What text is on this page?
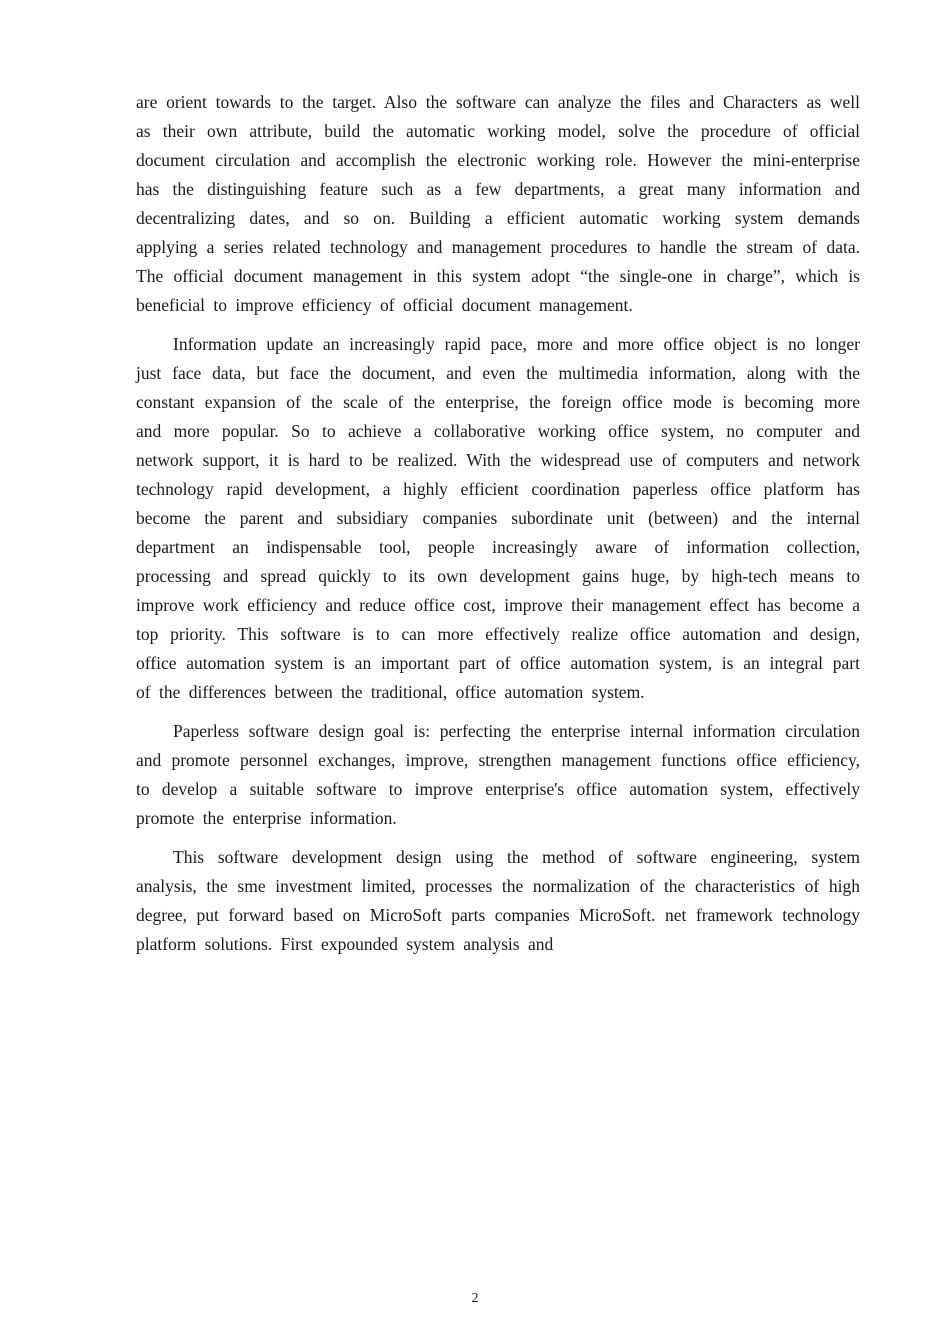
are orient towards to the target. Also the software can analyze the files and Characters as well as their own attribute, build the automatic working model, solve the procedure of official document circulation and accomplish the electronic working role. However the mini-enterprise has the distinguishing feature such as a few departments, a great many information and decentralizing dates, and so on. Building a efficient automatic working system demands applying a series related technology and management procedures to handle the stream of data. The official document management in this system adopt “the single-one in charge”, which is beneficial to improve efficiency of official document management.

Information update an increasingly rapid pace, more and more office object is no longer just face data, but face the document, and even the multimedia information, along with the constant expansion of the scale of the enterprise, the foreign office mode is becoming more and more popular. So to achieve a collaborative working office system, no computer and network support, it is hard to be realized. With the widespread use of computers and network technology rapid development, a highly efficient coordination paperless office platform has become the parent and subsidiary companies subordinate unit (between) and the internal department an indispensable tool, people increasingly aware of information collection, processing and spread quickly to its own development gains huge, by high-tech means to improve work efficiency and reduce office cost, improve their management effect has become a top priority. This software is to can more effectively realize office automation and design, office automation system is an important part of office automation system, is an integral part of the differences between the traditional, office automation system.

Paperless software design goal is: perfecting the enterprise internal information circulation and promote personnel exchanges, improve, strengthen management functions office efficiency, to develop a suitable software to improve enterprise's office automation system, effectively promote the enterprise information.

This software development design using the method of software engineering, system analysis, the sme investment limited, processes the normalization of the characteristics of high degree, put forward based on MicroSoft parts companies MicroSoft. net framework technology platform solutions. First expounded system analysis and

2
